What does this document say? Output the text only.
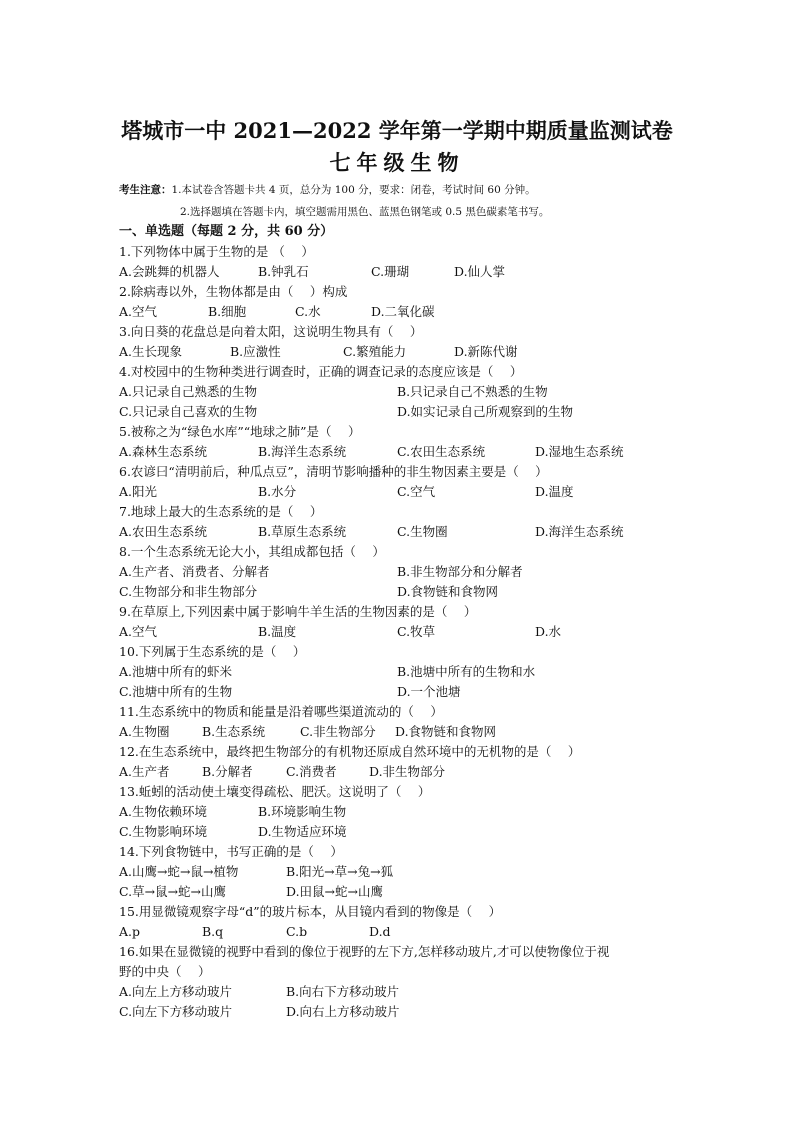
塔城市一中 2021—2022 学年第一学期中期质量监测试卷
七年级生物
考生注意：1.本试卷含答题卡共 4 页，总分为 100 分，要求：闭卷，考试时间 60 分钟。
2.选择题填在答题卡内，填空题需用黑色、蓝黑色钢笔或 0.5 黑色碳素笔书写。
一、单选题（每题 2 分，共 60 分）
1.下列物体中属于生物的是 （　 ）
A.会跳舞的机器人	B.钟乳石	C.珊瑚	D.仙人掌
2.除病毒以外，生物体都是由（　 ）构成
A.空气	B.细胞	C.水	D.二氧化碳
3.向日葵的花盘总是向着太阳，这说明生物具有（　 ）
A.生长现象	B.应激性	C.繁殖能力	D.新陈代谢
4.对校园中的生物种类进行调查时，正确的调查记录的态度应该是（　 ）
A.只记录自己熟悉的生物	B.只记录自己不熟悉的生物
C.只记录自己喜欢的生物	D.如实记录自己所观察到的生物
5.被称之为“绿色水库”“地球之肺”是（　 ）
A.森林生态系统	B.海洋生态系统	C.农田生态系统	D.湿地生态系统
6.农谚曰“清明前后，种瓜点豆”，清明节影响播种的非生物因素主要是（　 ）
A.阳光	B.水分	C.空气	D.温度
7.地球上最大的生态系统的是（　 ）
A.农田生态系统	B.草原生态系统	C.生物圈	D.海洋生态系统
8.一个生态系统无论大小，其组成都包括（　 ）
A.生产者、消费者、分解者	B.非生物部分和分解者
C.生物部分和非生物部分	D.食物链和食物网
9.在草原上,下列因素中属于影响牛羊生活的生物因素的是（　 ）
A.空气	B.温度	C.牧草	D.水
10.下列属于生态系统的是（　 ）
A.池塘中所有的虾米	B.池塘中所有的生物和水
C.池塘中所有的生物	D.一个池塘
11.生态系统中的物质和能量是沿着哪些渠道流动的（　 ）
A.生物圈	B.生态系统	C.非生物部分 D.食物链和食物网
12.在生态系统中，最终把生物部分的有机物还原成自然环境中的无机物的是（　 ）
A.生产者	B.分解者	C.消费者	D.非生物部分
13.蚯蚓的活动使土壤变得疏松、肥沃。这说明了（　 ）
A.生物依赖环境	B.环境影响生物
C.生物影响环境	D.生物适应环境
14.下列食物链中，书写正确的是（　 ）
A.山鹰→蛇→鼠→植物	B.阳光→草→兔→狐
C.草→鼠→蛇→山鹰	D.田鼠→蛇→山鹰
15.用显微镜观察字母“d”的玻片标本，从目镜内看到的物像是（　 ）
A.p	B.q	C.b	D.d
16.如果在显微镜的视野中看到的像位于视野的左下方,怎样移动玻片,才可以使物像位于视
野的中央（　 ）
A.向左上方移动玻片	B.向右下方移动玻片
C.向左下方移动玻片	D.向右上方移动玻片
